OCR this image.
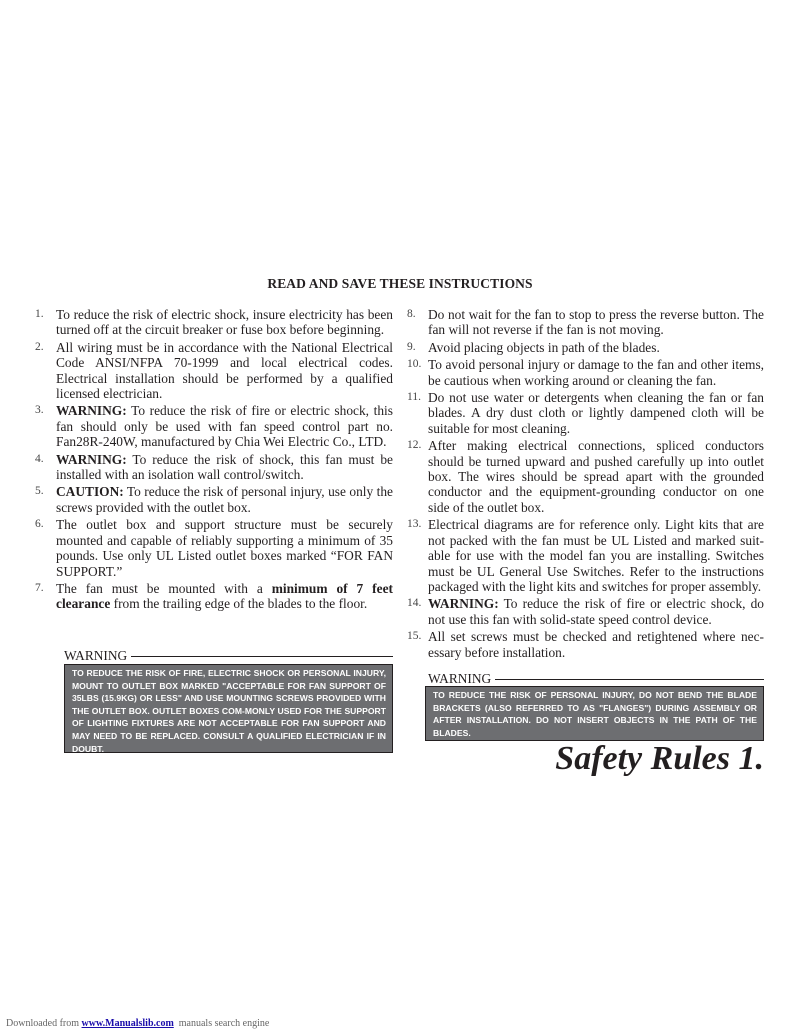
READ AND SAVE THESE INSTRUCTIONS
1. To reduce the risk of electric shock, insure electricity has been turned off at the circuit breaker or fuse box before beginning.
2. All wiring must be in accordance with the National Electrical Code ANSI/NFPA 70-1999 and local electrical codes. Electrical installation should be performed by a qualified licensed electrician.
3. WARNING: To reduce the risk of fire or electric shock, this fan should only be used with fan speed control part no. Fan28R-240W, manufactured by Chia Wei Electric Co., LTD.
4. WARNING: To reduce the risk of shock, this fan must be installed with an isolation wall control/switch.
5. CAUTION: To reduce the risk of personal injury, use only the screws provided with the outlet box.
6. The outlet box and support structure must be securely mounted and capable of reliably supporting a minimum of 35 pounds. Use only UL Listed outlet boxes marked “FOR FAN SUPPORT.”
7. The fan must be mounted with a minimum of 7 feet clearance from the trailing edge of the blades to the floor.
8. Do not wait for the fan to stop to press the reverse button. The fan will not reverse if the fan is not moving.
9. Avoid placing objects in path of the blades.
10. To avoid personal injury or damage to the fan and other items, be cautious when working around or cleaning the fan.
11. Do not use water or detergents when cleaning the fan or fan blades. A dry dust cloth or lightly dampened cloth will be suitable for most cleaning.
12. After making electrical connections, spliced conductors should be turned upward and pushed carefully up into outlet box. The wires should be spread apart with the grounded conductor and the equipment-grounding conductor on one side of the outlet box.
13. Electrical diagrams are for reference only. Light kits that are not packed with the fan must be UL Listed and marked suit-able for use with the model fan you are installing. Switches must be UL General Use Switches. Refer to the instructions packaged with the light kits and switches for proper assembly.
14. WARNING: To reduce the risk of fire or electric shock, do not use this fan with solid-state speed control device.
15. All set screws must be checked and retightened where nec-essary before installation.
WARNING
TO REDUCE THE RISK OF FIRE, ELECTRIC SHOCK OR PERSONAL INJURY, MOUNT TO OUTLET BOX MARKED "ACCEPTABLE FOR FAN SUPPORT OF 35LBS (15.9KG) OR LESS" AND USE MOUNTING SCREWS PROVIDED WITH THE OUTLET BOX. OUTLET BOXES COM-MONLY USED FOR THE SUPPORT OF LIGHTING FIXTURES ARE NOT ACCEPTABLE FOR FAN SUPPORT AND MAY NEED TO BE REPLACED. CONSULT A QUALIFIED ELECTRICIAN IF IN DOUBT.
WARNING
TO REDUCE THE RISK OF PERSONAL INJURY, DO NOT BEND THE BLADE BRACKETS (ALSO REFERRED TO AS "FLANGES") DURING ASSEMBLY OR AFTER INSTALLATION. DO NOT INSERT OBJECTS IN THE PATH OF THE BLADES.
Safety Rules 1.
Downloaded from www.Manualslib.com  manuals search engine
